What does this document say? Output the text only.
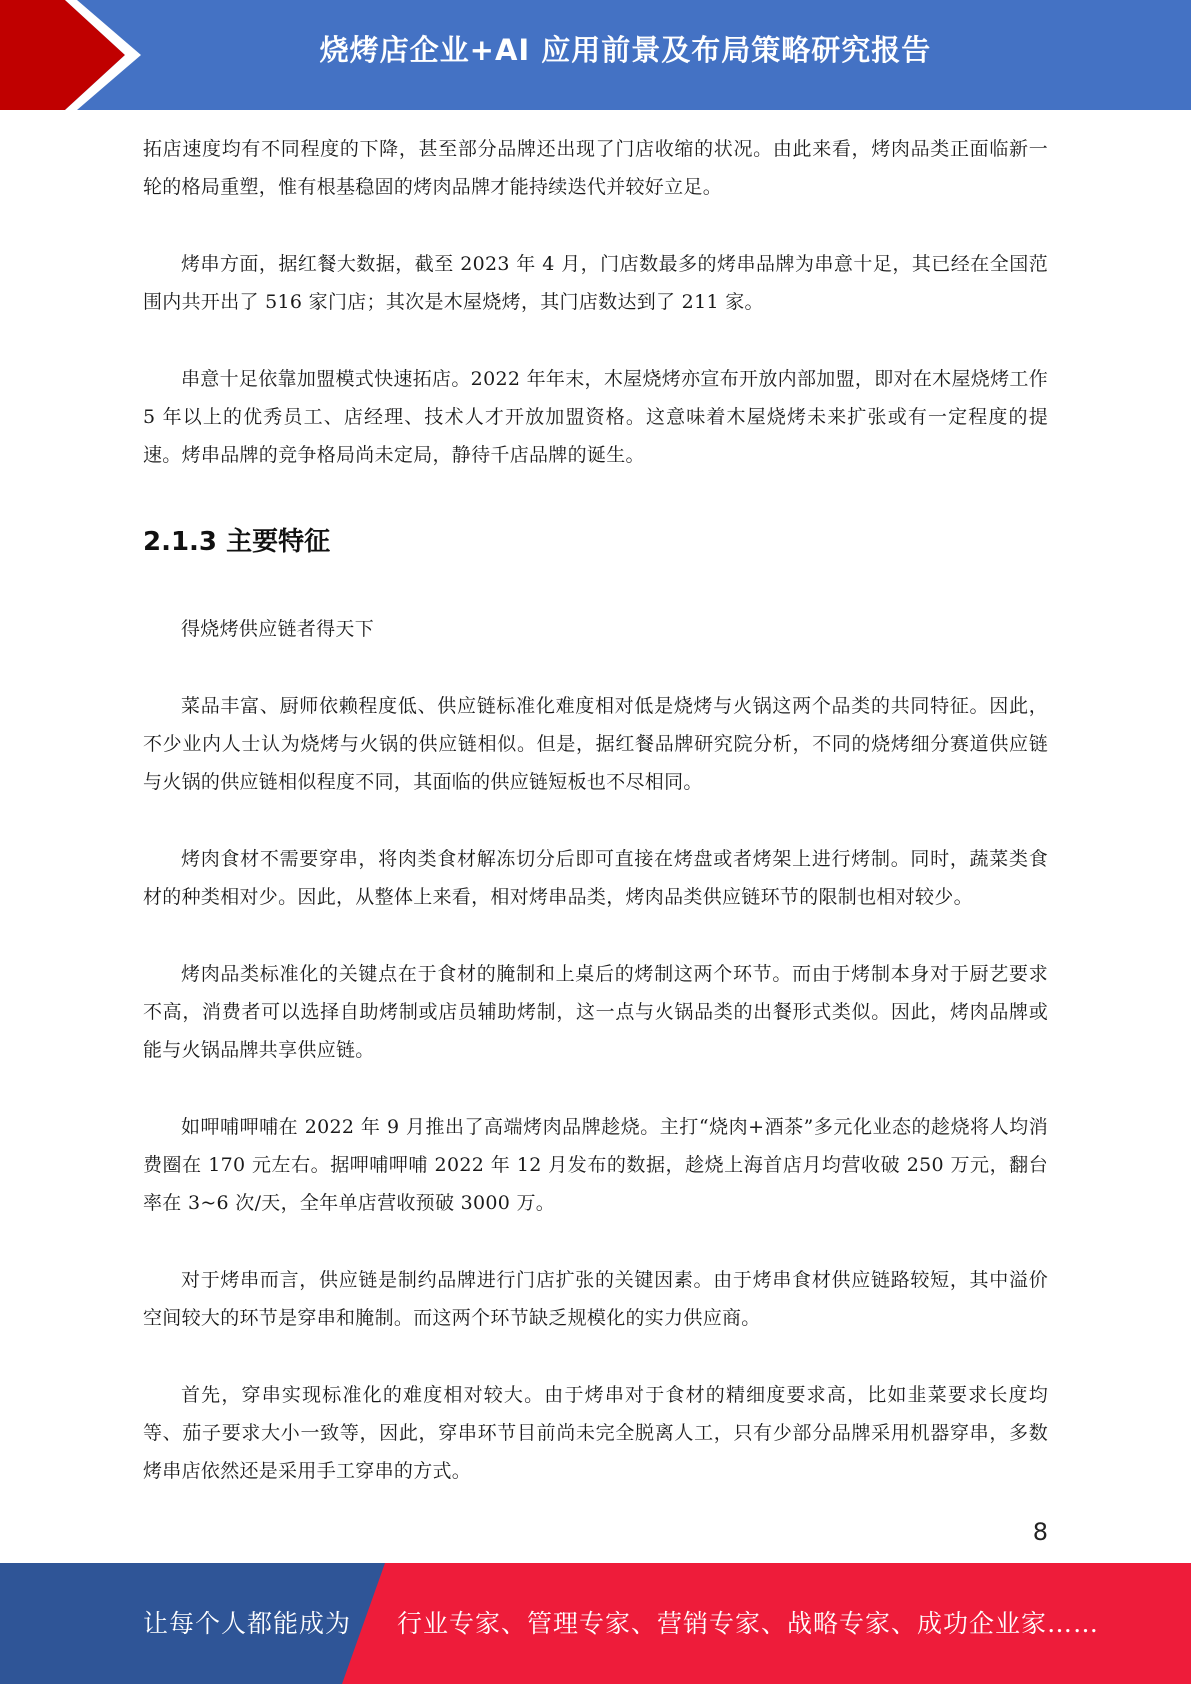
烧烤店企业+AI 应用前景及布局策略研究报告

拓店速度均有不同程度的下降，甚至部分品牌还出现了门店收缩的状况。由此来看，烤肉品类正面临新一轮的格局重塑，惟有根基稳固的烤肉品牌才能持续迭代并较好立足。

烤串方面，据红餐大数据，截至 2023 年 4 月，门店数最多的烤串品牌为串意十足，其已经在全国范围内共开出了 516 家门店；其次是木屋烧烤，其门店数达到了 211 家。

串意十足依靠加盟模式快速拓店。2022 年年末，木屋烧烤亦宣布开放内部加盟，即对在木屋烧烤工作 5 年以上的优秀员工、店经理、技术人才开放加盟资格。这意味着木屋烧烤未来扩张或有一定程度的提速。烤串品牌的竞争格局尚未定局，静待千店品牌的诞生。

2.1.3 主要特征

得烧烤供应链者得天下

菜品丰富、厨师依赖程度低、供应链标准化难度相对低是烧烤与火锅这两个品类的共同特征。因此，不少业内人士认为烧烤与火锅的供应链相似。但是，据红餐品牌研究院分析，不同的烧烤细分赛道供应链与火锅的供应链相似程度不同，其面临的供应链短板也不尽相同。

烤肉食材不需要穿串，将肉类食材解冻切分后即可直接在烤盘或者烤架上进行烤制。同时，蔬菜类食材的种类相对少。因此，从整体上来看，相对烤串品类，烤肉品类供应链环节的限制也相对较少。

烤肉品类标准化的关键点在于食材的腌制和上桌后的烤制这两个环节。而由于烤制本身对于厨艺要求不高，消费者可以选择自助烤制或店员辅助烤制，这一点与火锅品类的出餐形式类似。因此，烤肉品牌或能与火锅品牌共享供应链。

如呷哺呷哺在 2022 年 9 月推出了高端烤肉品牌趁烧。主打“烧肉+酒茶”多元化业态的趁烧将人均消费圈在 170 元左右。据呷哺呷哺 2022 年 12 月发布的数据，趁烧上海首店月均营收破 250 万元，翻台率在 3~6 次/天，全年单店营收预破 3000 万。

对于烤串而言，供应链是制约品牌进行门店扩张的关键因素。由于烤串食材供应链路较短，其中溢价空间较大的环节是穿串和腌制。而这两个环节缺乏规模化的实力供应商。

首先，穿串实现标准化的难度相对较大。由于烤串对于食材的精细度要求高，比如韭菜要求长度均等、茄子要求大小一致等，因此，穿串环节目前尚未完全脱离人工，只有少部分品牌采用机器穿串，多数烤串店依然还是采用手工穿串的方式。

8
让每个人都能成为 行业专家、管理专家、营销专家、战略专家、成功企业家……
